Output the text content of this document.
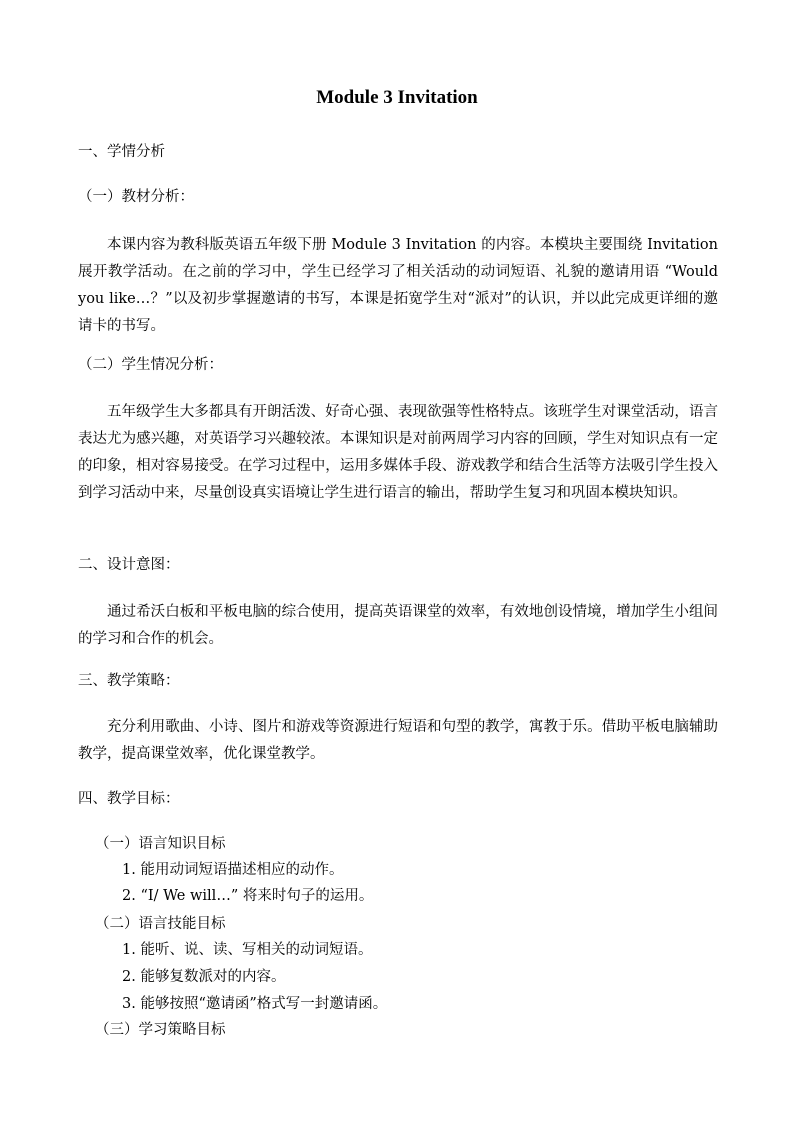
Module 3 Invitation
一、学情分析
（一）教材分析：
本课内容为教科版英语五年级下册 Module 3 Invitation 的内容。本模块主要围绕 Invitation 展开教学活动。在之前的学习中，学生已经学习了相关活动的动词短语、礼貌的邀请用语 “Would you like…？”以及初步掌握邀请的书写，本课是拓宽学生对“派对”的认识，并以此完成更详细的邀请卡的书写。
（二）学生情况分析：
五年级学生大多都具有开朗活泼、好奇心强、表现欲强等性格特点。该班学生对课堂活动，语言表达尤为感兴趣，对英语学习兴趣较浓。本课知识是对前两周学习内容的回顾，学生对知识点有一定的印象，相对容易接受。在学习过程中，运用多媒体手段、游戏教学和结合生活等方法吸引学生投入到学习活动中来，尽量创设真实语境让学生进行语言的输出，帮助学生复习和巩固本模块知识。
二、设计意图：
通过希沃白板和平板电脑的综合使用，提高英语课堂的效率，有效地创设情境，增加学生小组间的学习和合作的机会。
三、教学策略：
充分利用歌曲、小诗、图片和游戏等资源进行短语和句型的教学，寓教于乐。借助平板电脑辅助教学，提高课堂效率，优化课堂教学。
四、教学目标：
（一）语言知识目标
1. 能用动词短语描述相应的动作。
2. “I/ We will…” 将来时句子的运用。
（二）语言技能目标
1. 能听、说、读、写相关的动词短语。
2. 能够复数派对的内容。
3. 能够按照“邀请函”格式写一封邀请函。
（三）学习策略目标
